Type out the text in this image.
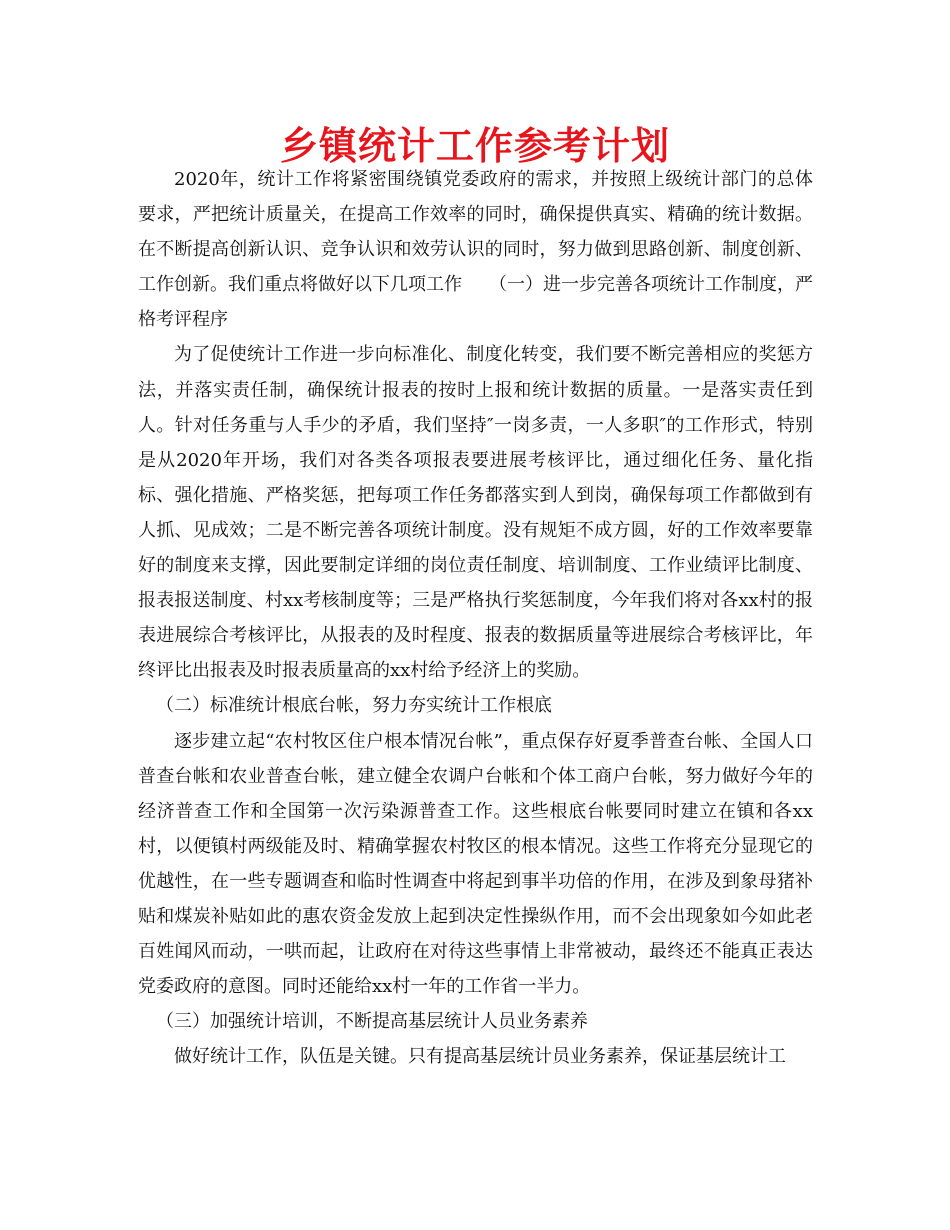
乡镇统计工作参考计划

2020年，统计工作将紧密围绕镇党委政府的需求，并按照上级统计部门的总体要求，严把统计质量关，在提高工作效率的同时，确保提供真实、精确的统计数据。在不断提高创新认识、竞争认识和效劳认识的同时，努力做到思路创新、制度创新、工作创新。我们重点将做好以下几项工作　　（一）进一步完善各项统计工作制度，严格考评程序

为了促使统计工作进一步向标准化、制度化转变，我们要不断完善相应的奖惩方法，并落实责任制，确保统计报表的按时上报和统计数据的质量。一是落实责任到人。针对任务重与人手少的矛盾，我们坚持″一岗多责，一人多职″的工作形式，特别是从2020年开场，我们对各类各项报表要进展考核评比，通过细化任务、量化指标、强化措施、严格奖惩，把每项工作任务都落实到人到岗，确保每项工作都做到有人抓、见成效；二是不断完善各项统计制度。没有规矩不成方圆，好的工作效率要靠好的制度来支撑，因此要制定详细的岗位责任制度、培训制度、工作业绩评比制度、报表报送制度、村xx考核制度等；三是严格执行奖惩制度，今年我们将对各xx村的报表进展综合考核评比，从报表的及时程度、报表的数据质量等进展综合考核评比，年终评比出报表及时报表质量高的xx村给予经济上的奖励。

（二）标准统计根底台帐，努力夯实统计工作根底

逐步建立起“农村牧区住户根本情况台帐”，重点保存好夏季普查台帐、全国人口普查台帐和农业普查台帐，建立健全农调户台帐和个体工商户台帐，努力做好今年的经济普查工作和全国第一次污染源普查工作。这些根底台帐要同时建立在镇和各xx村，以便镇村两级能及时、精确掌握农村牧区的根本情况。这些工作将充分显现它的优越性，在一些专题调查和临时性调查中将起到事半功倍的作用，在涉及到象母猪补贴和煤炭补贴如此的惠农资金发放上起到决定性操纵作用，而不会出现象如今如此老百姓闻风而动，一哄而起，让政府在对待这些事情上非常被动，最终还不能真正表达党委政府的意图。同时还能给xx村一年的工作省一半力。

（三）加强统计培训，不断提高基层统计人员业务素养

做好统计工作，队伍是关键。只有提高基层统计员业务素养，保证基层统计工
